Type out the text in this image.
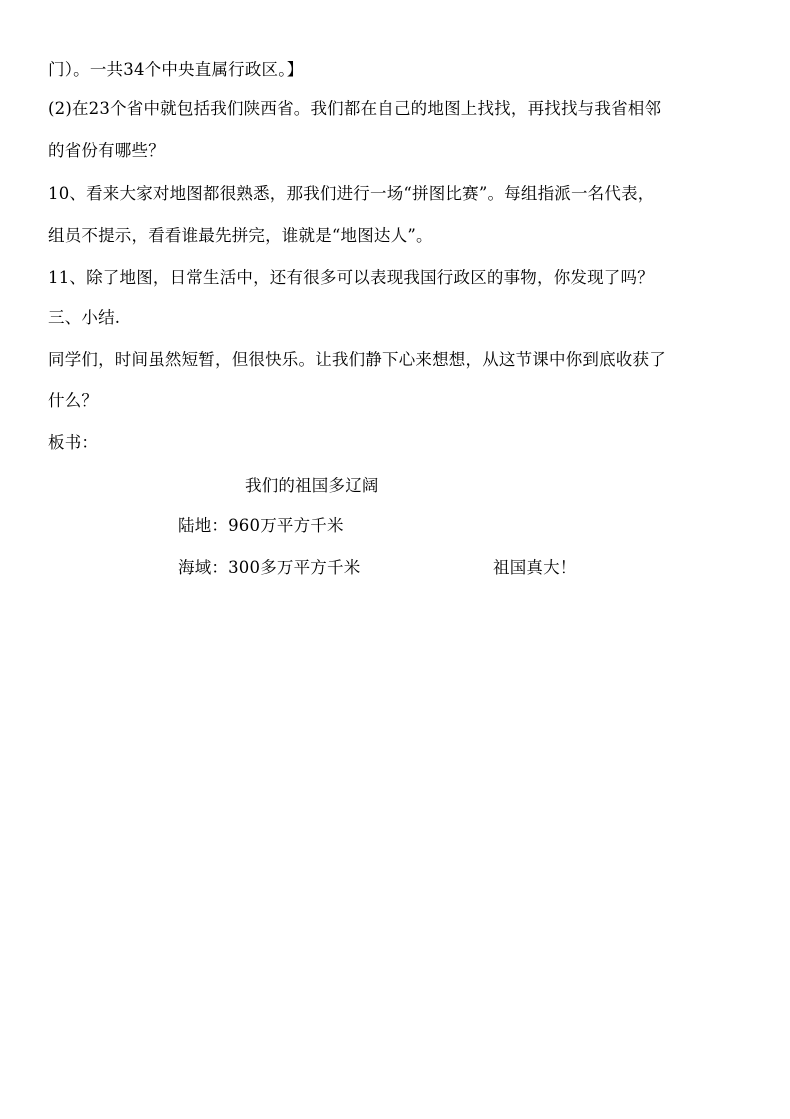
门）。一共34个中央直属行政区。】
(2)在23个省中就包括我们陕西省。我们都在自己的地图上找找，再找找与我省相邻
的省份有哪些？
10、看来大家对地图都很熟悉，那我们进行一场“拼图比赛”。每组指派一名代表，
组员不提示，看看谁最先拼完，谁就是“地图达人”。
11、除了地图，日常生活中，还有很多可以表现我国行政区的事物，你发现了吗？
三、小结.
同学们，时间虽然短暂，但很快乐。让我们静下心来想想，从这节课中你到底收获了
什么？
板书：
我们的祖国多辽阔
陆地：960万平方千米
海域：300多万平方千米	祖国真大！
